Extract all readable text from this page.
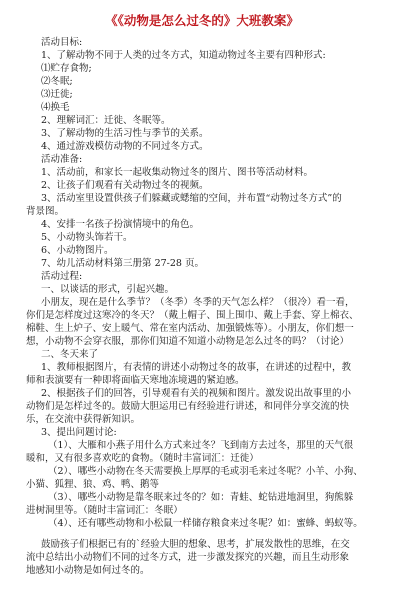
《《动物是怎么过冬的》大班教案》
活动目标:
1、了解动物不同于人类的过冬方式，知道动物过冬主要有四种形式:
⑴贮存食物;
⑵冬眠;
⑶迁徙;
⑷换毛
2、理解词汇：迁徙、冬眠等。
3、了解动物的生活习性与季节的关系。
4、通过游戏模仿动物的不同过冬方式。
活动准备:
1、活动前，和家长一起收集动物过冬的图片、图书等活动材料。
2、让孩子们观看有关动物过冬的视频。
3、活动室里设置供孩子们躲藏或蟋缩的空间，并布置“动物过冬方式”的
背景图。
4、安排一名孩子扮演情境中的角色。
5、小动物头饰若干。
6、小动物图片。
7、幼儿活动材料第三册第 27-28 页。
活动过程:
一、以谈话的形式，引起兴趣。
小朋友，现在是什么季节？（冬季）冬季的天气怎么样？（很冷）看一看，
你们是怎样度过这寒冷的冬天？（戴上帽子、围上围巾、戴上手套、穿上棉衣、
棉鞋、生上炉子、安上暖气、常在室内活动、加强锻炼等）。小朋友，你们想一
想，小动物不会穿衣服，那你们知道不知道小动物是怎么过冬的吗？（讨论）
二、冬天来了
1、教师根据图片，有表情的讲述小动物过冬的故事，在讲述的过程中，教
师和表演要有一种即将面临天寒地冻境遇的紧迫感。
2、根据孩子们的回答，引导观看有关的视频和图片。激发说出故事里的小
动物们是怎样过冬的。鼓励大胆运用已有经验进行讲述，和同伴分享交流的快
乐，在交流中获得新知识。
3、提出问题讨论:
（1）、大雁和小燕子用什么方式来过冬？飞到南方去过冬，那里的天气很
暖和，又有很多喜欢吃的食物。（随时丰富词汇：迁徙）
（2）、哪些小动物在冬天需要换上厚厚的毛或羽毛来过冬呢？小羊、小狗、
小猫、狐狸、狼、鸡、鸭、鹅等
（3）、哪些小动物是靠冬眠来过冬的？如：青蛙、蛇钻进地洞里，狗熊躲
进树洞里等。（随时丰富词汇：冬眠）
（4）、还有哪些动物和小松鼠一样储存粮食来过冬呢？如：蜜蜂、蚂蚁等。
鼓励孩子们根据已有的`经验大胆的想象、思考，扩展发散性的思维，在交
流中总结出小动物们不同的过冬方式，进一步激发探究的兴趣，而且生动形象
地感知小动物是如何过冬的。
